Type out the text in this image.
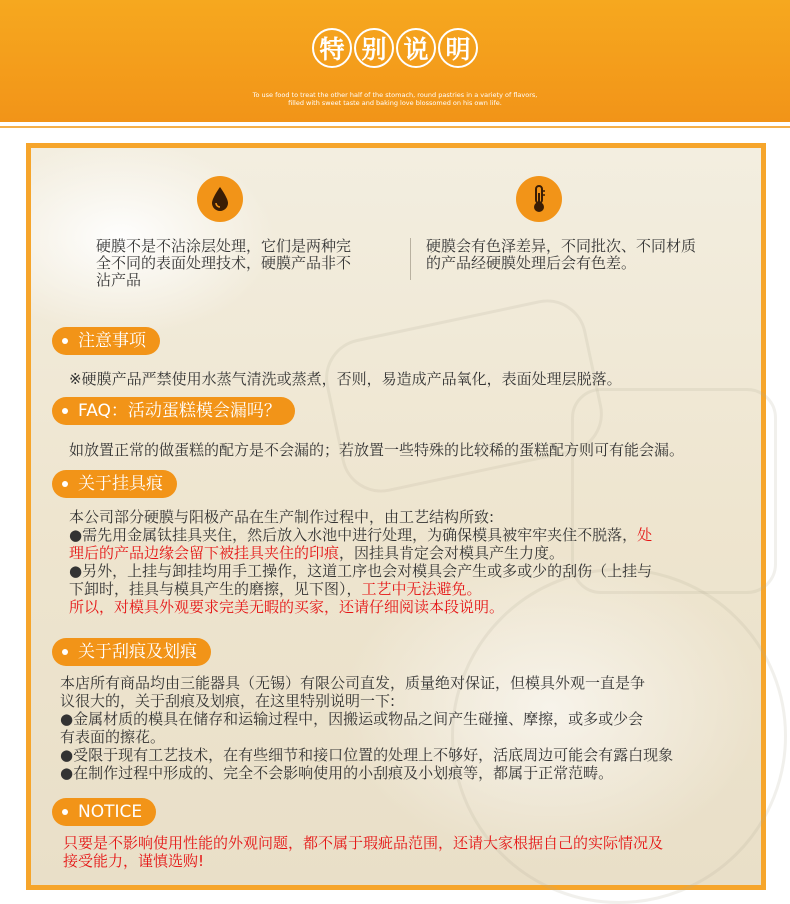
特 别 说 明
To use food to treat the other half of the stomach, round pastries in a variety of flavors,
filled with sweet taste and baking love blossomed on his own life.
硬膜不是不沾涂层处理，它们是两种完
全不同的表面处理技术，硬膜产品非不
沾产品
硬膜会有色泽差异，不同批次、不同材质
的产品经硬膜处理后会有色差。
注意事项
※硬膜产品严禁使用水蒸气清洗或蒸煮，否则，易造成产品氧化，表面处理层脱落。
FAQ：活动蛋糕模会漏吗？
如放置正常的做蛋糕的配方是不会漏的；若放置一些特殊的比较稀的蛋糕配方则可有能会漏。
关于挂具痕
本公司部分硬膜与阳极产品在生产制作过程中，由工艺结构所致:
●需先用金属钛挂具夹住，然后放入水池中进行处理，为确保模具被牢牢夹住不脱落，处
理后的产品边缘会留下被挂具夹住的印痕，因挂具肯定会对模具产生力度。
●另外，上挂与卸挂均用手工操作，这道工序也会对模具会产生或多或少的刮伤（上挂与
下卸时，挂具与模具产生的磨擦，见下图），工艺中无法避免。
所以，对模具外观要求完美无暇的买家，还请仔细阅读本段说明。
关于刮痕及划痕
本店所有商品均由三能器具（无锡）有限公司直发，质量绝对保证，但模具外观一直是争
议很大的，关于刮痕及划痕，在这里特别说明一下:
●金属材质的模具在储存和运输过程中，因搬运或物品之间产生碰撞、摩擦，或多或少会
有表面的擦花。
●受限于现有工艺技术，在有些细节和接口位置的处理上不够好，活底周边可能会有露白现象
●在制作过程中形成的、完全不会影响使用的小刮痕及小划痕等，都属于正常范畴。
NOTICE
只要是不影响使用性能的外观问题，都不属于瑕疵品范围，还请大家根据自己的实际情况及
接受能力，谨慎选购!
